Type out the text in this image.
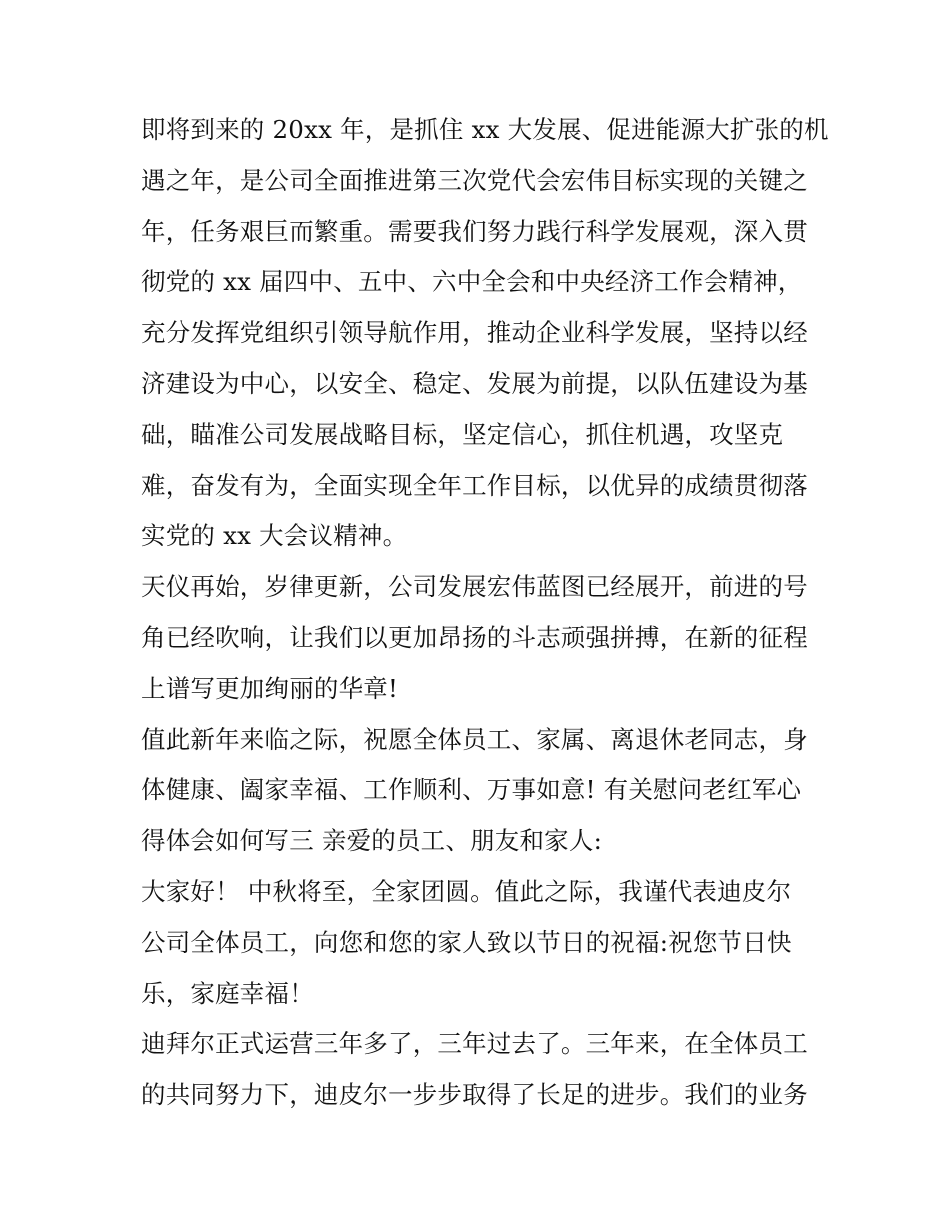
即将到来的 20xx 年，是抓住 xx 大发展、促进能源大扩张的机
遇之年，是公司全面推进第三次党代会宏伟目标实现的关键之
年，任务艰巨而繁重。需要我们努力践行科学发展观，深入贯
彻党的 xx 届四中、五中、六中全会和中央经济工作会精神，
充分发挥党组织引领导航作用，推动企业科学发展，坚持以经
济建设为中心，以安全、稳定、发展为前提，以队伍建设为基
础，瞄准公司发展战略目标，坚定信心，抓住机遇，攻坚克
难，奋发有为，全面实现全年工作目标，以优异的成绩贯彻落
实党的 xx 大会议精神。
天仪再始，岁律更新，公司发展宏伟蓝图已经展开，前进的号
角已经吹响，让我们以更加昂扬的斗志顽强拼搏，在新的征程
上谱写更加绚丽的华章!
值此新年来临之际，祝愿全体员工、家属、离退休老同志，身
体健康、阖家幸福、工作顺利、万事如意! 有关慰问老红军心
得体会如何写三 亲爱的员工、朋友和家人:
大家好！ 中秋将至，全家团圆。值此之际，我谨代表迪皮尔
公司全体员工，向您和您的家人致以节日的祝福:祝您节日快
乐，家庭幸福！
迪拜尔正式运营三年多了，三年过去了。三年来，在全体员工
的共同努力下，迪皮尔一步步取得了长足的进步。我们的业务
